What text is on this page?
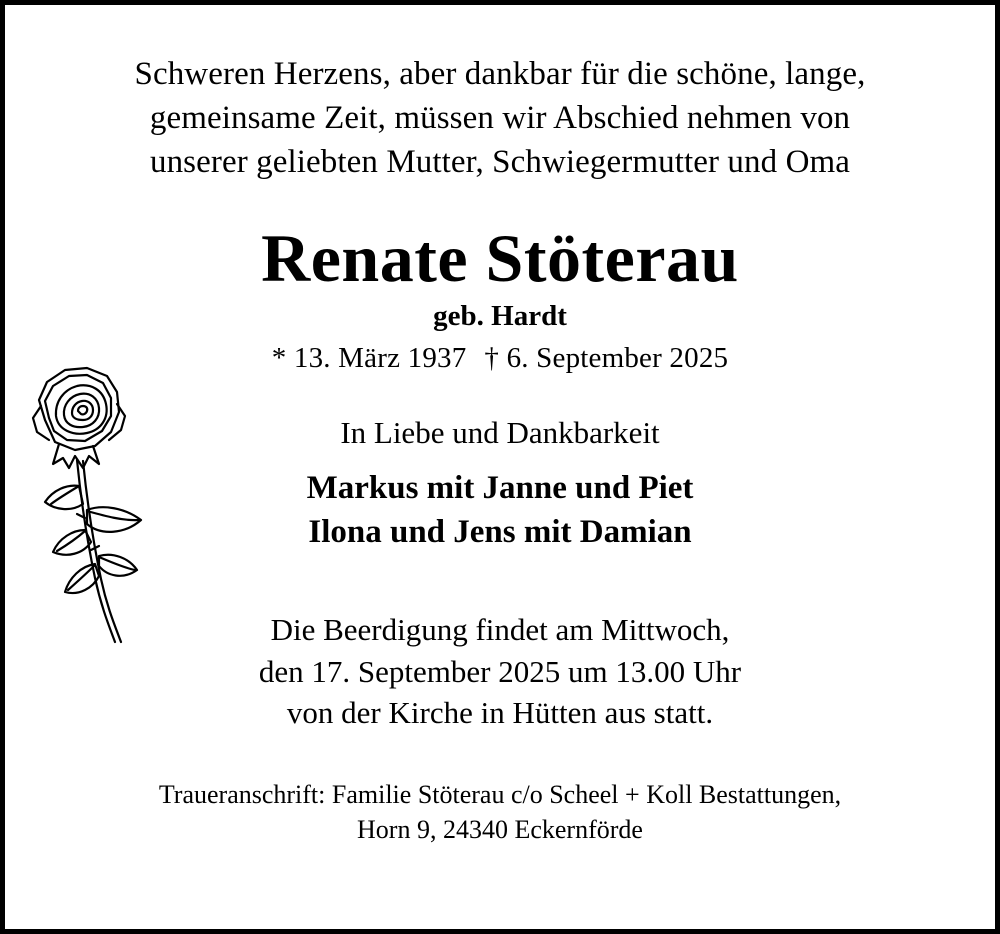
Schweren Herzens, aber dankbar für die schöne, lange,
gemeinsame Zeit, müssen wir Abschied nehmen von
unserer geliebten Mutter, Schwiegermutter und Oma
Renate Stöterau
geb. Hardt
* 13. März 1937 † 6. September 2025
In Liebe und Dankbarkeit
Markus mit Janne und Piet
Ilona und Jens mit Damian
Die Beerdigung findet am Mittwoch,
den 17. September 2025 um 13.00 Uhr
von der Kirche in Hütten aus statt.
Traueranschrift: Familie Stöterau c/o Scheel + Koll Bestattungen,
Horn 9, 24340 Eckernförde
